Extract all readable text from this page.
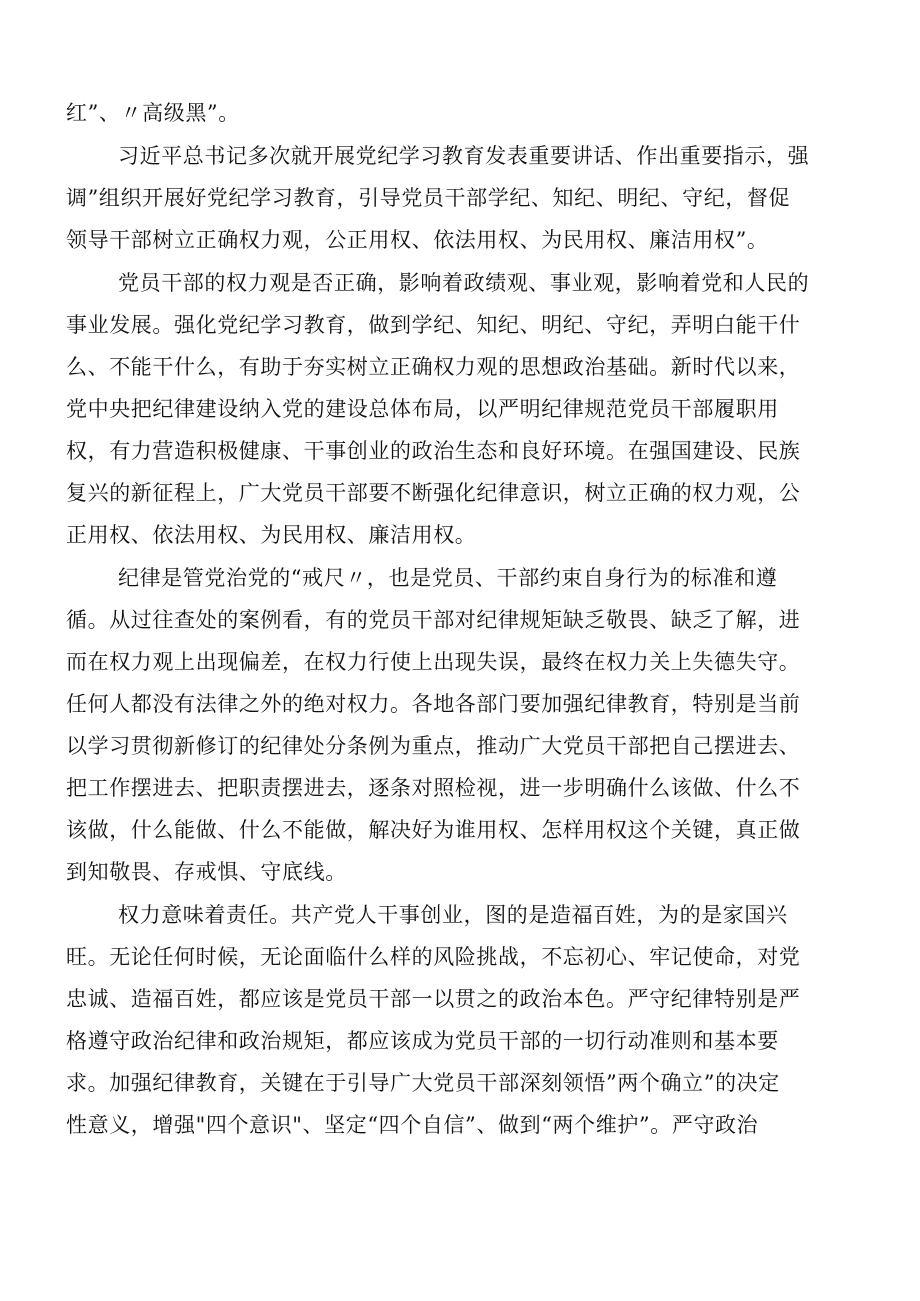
红”、〃高级黑”。
习近平总书记多次就开展党纪学习教育发表重要讲话、作出重要指示，强
调”组织开展好党纪学习教育，引导党员干部学纪、知纪、明纪、守纪，督促
领导干部树立正确权力观，公正用权、依法用权、为民用权、廉洁用权”。
党员干部的权力观是否正确，影响着政绩观、事业观，影响着党和人民的
事业发展。强化党纪学习教育，做到学纪、知纪、明纪、守纪，弄明白能干什
么、不能干什么，有助于夯实树立正确权力观的思想政治基础。新时代以来，
党中央把纪律建设纳入党的建设总体布局，以严明纪律规范党员干部履职用
权，有力营造积极健康、干事创业的政治生态和良好环境。在强国建设、民族
复兴的新征程上，广大党员干部要不断强化纪律意识，树立正确的权力观，公
正用权、依法用权、为民用权、廉洁用权。
纪律是管党治党的“戒尺〃，也是党员、干部约束自身行为的标准和遵
循。从过往查处的案例看，有的党员干部对纪律规矩缺乏敬畏、缺乏了解，进
而在权力观上出现偏差，在权力行使上出现失误，最终在权力关上失德失守。
任何人都没有法律之外的绝对权力。各地各部门要加强纪律教育，特别是当前
以学习贯彻新修订的纪律处分条例为重点，推动广大党员干部把自己摆进去、
把工作摆进去、把职责摆进去，逐条对照检视，进一步明确什么该做、什么不
该做，什么能做、什么不能做，解决好为谁用权、怎样用权这个关键，真正做
到知敬畏、存戒惧、守底线。
权力意味着责任。共产党人干事创业，图的是造福百姓，为的是家国兴
旺。无论任何时候，无论面临什么样的风险挑战，不忘初心、牢记使命，对党
忠诚、造福百姓，都应该是党员干部一以贯之的政治本色。严守纪律特别是严
格遵守政治纪律和政治规矩，都应该成为党员干部的一切行动准则和基本要
求。加强纪律教育，关键在于引导广大党员干部深刻领悟”两个确立”的决定
性意义，增强"四个意识"、坚定“四个自信”、做到“两个维护”。严守政治
